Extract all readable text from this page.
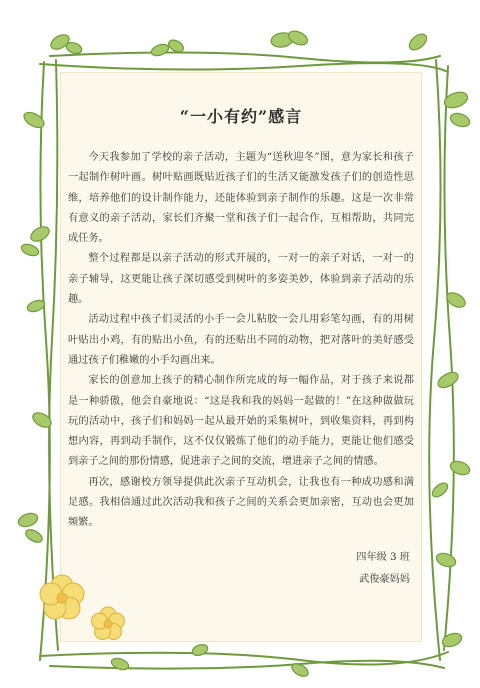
“一小有约”感言

今天我参加了学校的亲子活动，主题为“送秋迎冬”图，意为家长和孩子一起制作树叶画。树叶贴画既贴近孩子们的生活又能激发孩子们的创造性思维，培养他们的设计制作能力，还能体验到亲子制作的乐趣。这是一次非常有意义的亲子活动，家长们齐聚一堂和孩子们一起合作，互相帮助，共同完成任务。

整个过程都是以亲子活动的形式开展的，一对一的亲子对话，一对一的亲子辅导，这更能让孩子深切感受到树叶的多姿美妙，体验到亲子活动的乐趣。

活动过程中孩子们灵活的小手一会儿粘胶一会儿用彩笔勾画，有的用树叶贴出小鸡，有的贴出小鱼，有的还贴出不同的动物，把对落叶的美好感受通过孩子们稚嫩的小手勾画出来。

家长的创意加上孩子的精心制作所完成的每一幅作品，对于孩子来说都是一种骄傲，他会自豪地说：“这是我和我的妈妈一起做的！”在这种做做玩玩的活动中，孩子们和妈妈一起从最开始的采集树叶，到收集资料，再到构想内容，再到动手制作，这不仅仅锻炼了他们的动手能力，更能让他们感受到亲子之间的那份情感，促进亲子之间的交流，增进亲子之间的情感。

再次，感谢校方领导提供此次亲子互动机会，让我也有一种成功感和满足感。我相信通过此次活动我和孩子之间的关系会更加亲密，互动也会更加频繁。

四年级 3 班
武俊豪妈妈
